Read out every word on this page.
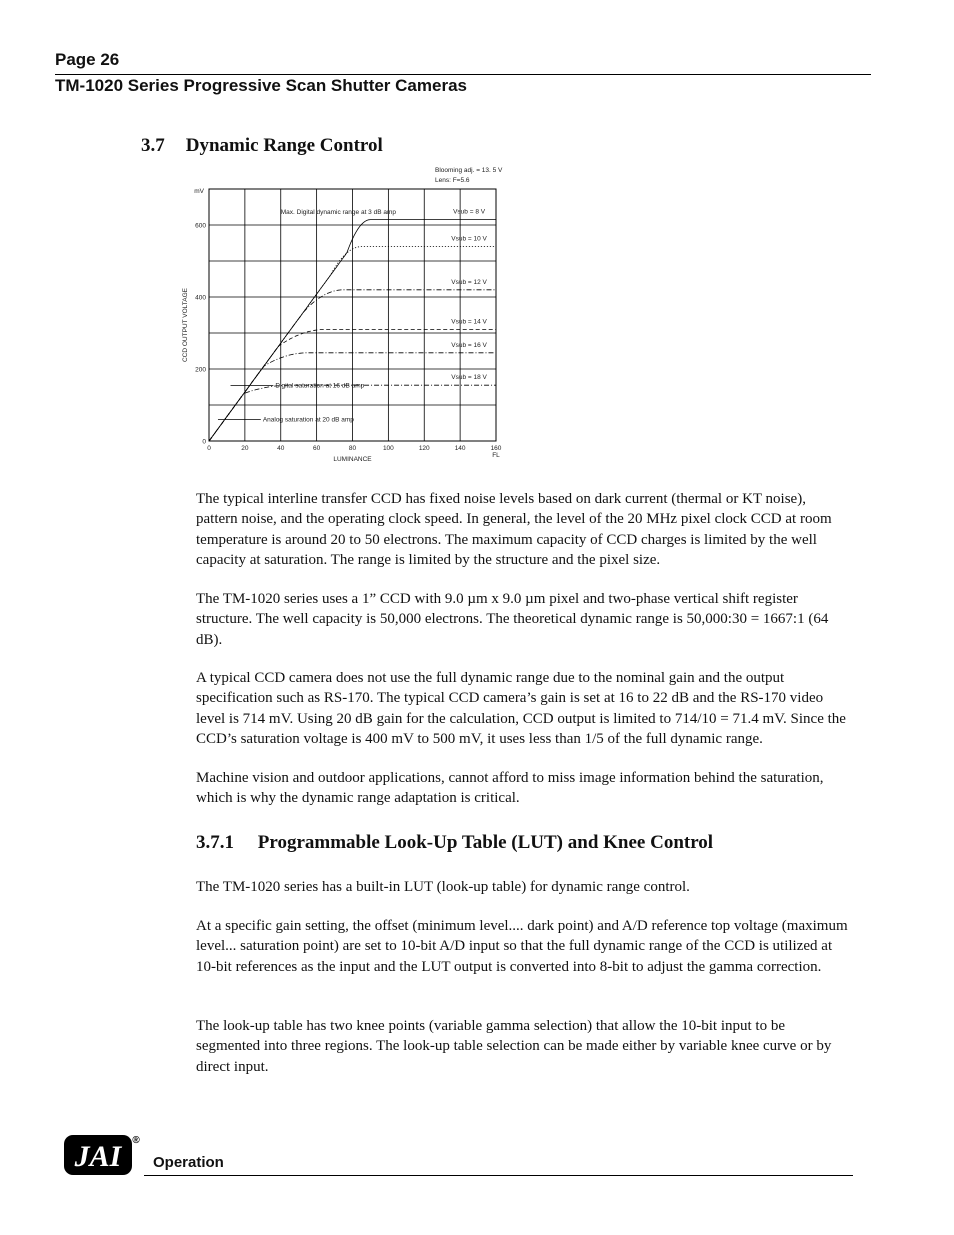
Page 26
TM-1020 Series Progressive Scan Shutter Cameras
3.7 Dynamic Range Control
0	20	40	60	80	100	120	140	160
0
200
400
600
mV
FL
LUMINANCE
CCD OUTPUT VOLTAGE
Blooming adj. = 13. 5 V
Lens: F=5.6
Vsub = 8 V
Vsub = 10 V
Vsub = 12 V
Vsub = 14 V
Vsub = 16 V
Vsub = 18 V
Max. Digital dynamic range at 3 dB amp
Digital saturation at 16 dB amp
Analog saturation at 20 dB amp
The typical interline transfer CCD has fixed noise levels based on dark current (thermal or KT noise), pattern noise, and the operating clock speed. In general, the level of the 20 MHz pixel clock CCD at room temperature is around 20 to 50 electrons. The maximum capacity of CCD charges is limited by the well capacity at saturation. The range is limited by the structure and the pixel size.
The TM-1020 series uses a 1” CCD with 9.0 µm x 9.0 µm pixel and two-phase vertical shift register structure. The well capacity is 50,000 electrons. The theoretical dynamic range is 50,000:30 = 1667:1 (64 dB).
A typical CCD camera does not use the full dynamic range due to the nominal gain and the output specification such as RS-170. The typical CCD camera’s gain is set at 16 to 22 dB and the RS-170 video level is 714 mV. Using 20 dB gain for the calculation, CCD output is limited to 714/10 = 71.4 mV. Since the CCD’s saturation voltage is 400 mV to 500 mV, it uses less than 1/5 of the full dynamic range.
Machine vision and outdoor applications, cannot afford to miss image information behind the saturation, which is why the dynamic range adaptation is critical.
3.7.1 Programmable Look-Up Table (LUT) and Knee Control
The TM-1020 series has a built-in LUT (look-up table) for dynamic range control.
At a specific gain setting, the offset (minimum level.... dark point) and A/D reference top voltage (maximum level... saturation point) are set to 10-bit A/D input so that the full dynamic range of the CCD is utilized at 10-bit references as the input and the LUT output is converted into 8-bit to adjust the gamma correction.
The look-up table has two knee points (variable gamma selection) that allow the 10-bit input to be segmented into three regions. The look-up table selection can be made either by variable knee curve or by direct input.
JAI ®
Operation
